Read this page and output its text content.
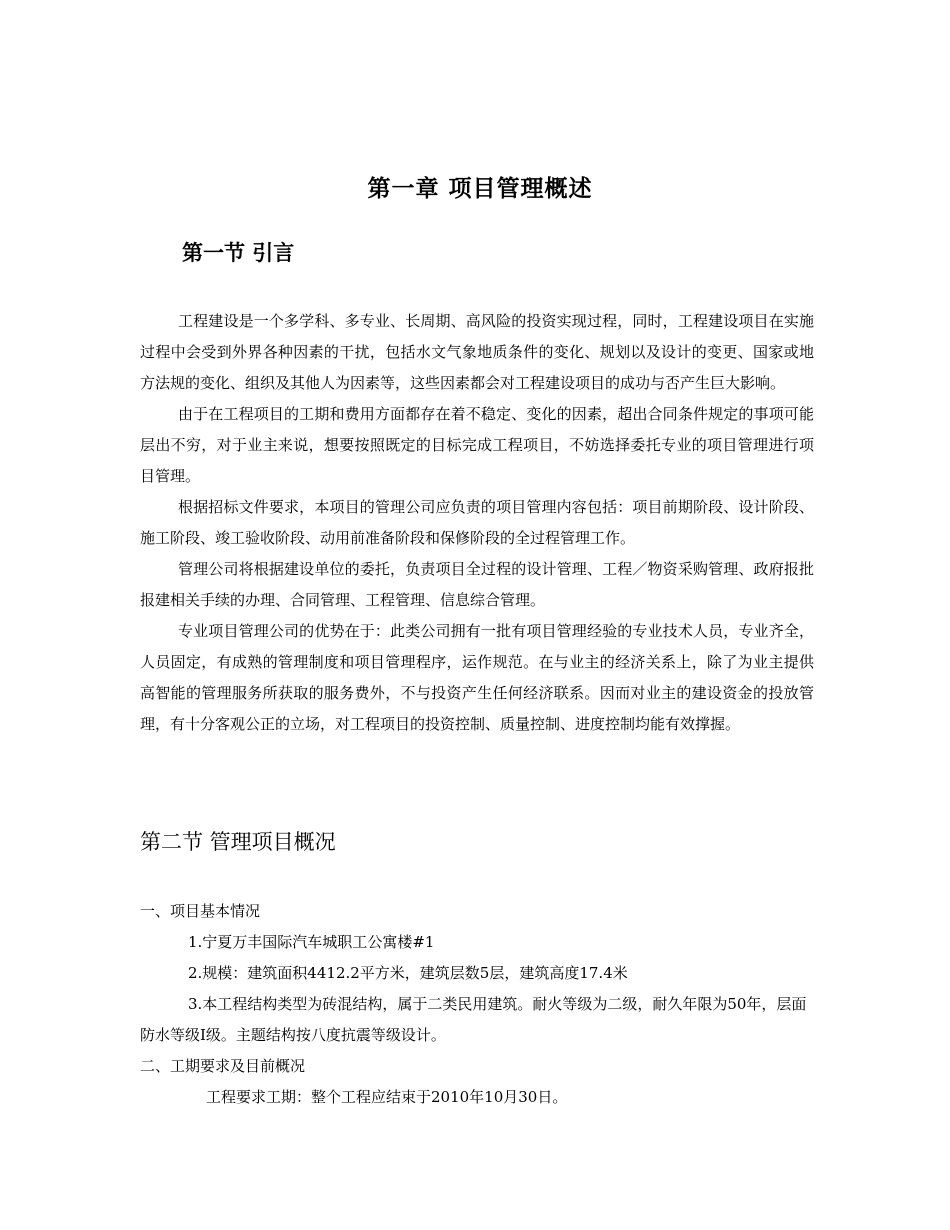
第一章 项目管理概述
第一节 引言

工程建设是一个多学科、多专业、长周期、高风险的投资实现过程，同时，工程建设项目在实施过程中会受到外界各种因素的干扰，包括水文气象地质条件的变化、规划以及设计的变更、国家或地方法规的变化、组织及其他人为因素等，这些因素都会对工程建设项目的成功与否产生巨大影响。

由于在工程项目的工期和费用方面都存在着不稳定、变化的因素，超出合同条件规定的事项可能层出不穷，对于业主来说，想要按照既定的目标完成工程项目，不妨选择委托专业的项目管理进行项目管理。

根据招标文件要求，本项目的管理公司应负责的项目管理内容包括：项目前期阶段、设计阶段、施工阶段、竣工验收阶段、动用前准备阶段和保修阶段的全过程管理工作。

管理公司将根据建设单位的委托，负责项目全过程的设计管理、工程／物资采购管理、政府报批报建相关手续的办理、合同管理、工程管理、信息综合管理。

专业项目管理公司的优势在于：此类公司拥有一批有项目管理经验的专业技术人员，专业齐全，人员固定，有成熟的管理制度和项目管理程序，运作规范。在与业主的经济关系上，除了为业主提供高智能的管理服务所获取的服务费外，不与投资产生任何经济联系。因而对业主的建设资金的投放管理，有十分客观公正的立场，对工程项目的投资控制、质量控制、进度控制均能有效撑握。

第二节 管理项目概况

一、项目基本情况

1.宁夏万丰国际汽车城职工公寓楼#1

2.规模：建筑面积4412.2平方米，建筑层数5层，建筑高度17.4米

3.本工程结构类型为砖混结构，属于二类民用建筑。耐火等级为二级，耐久年限为50年，层面防水等级Ⅰ级。主题结构按八度抗震等级设计。

二、工期要求及目前概况

工程要求工期：整个工程应结束于2010年10月30日。
